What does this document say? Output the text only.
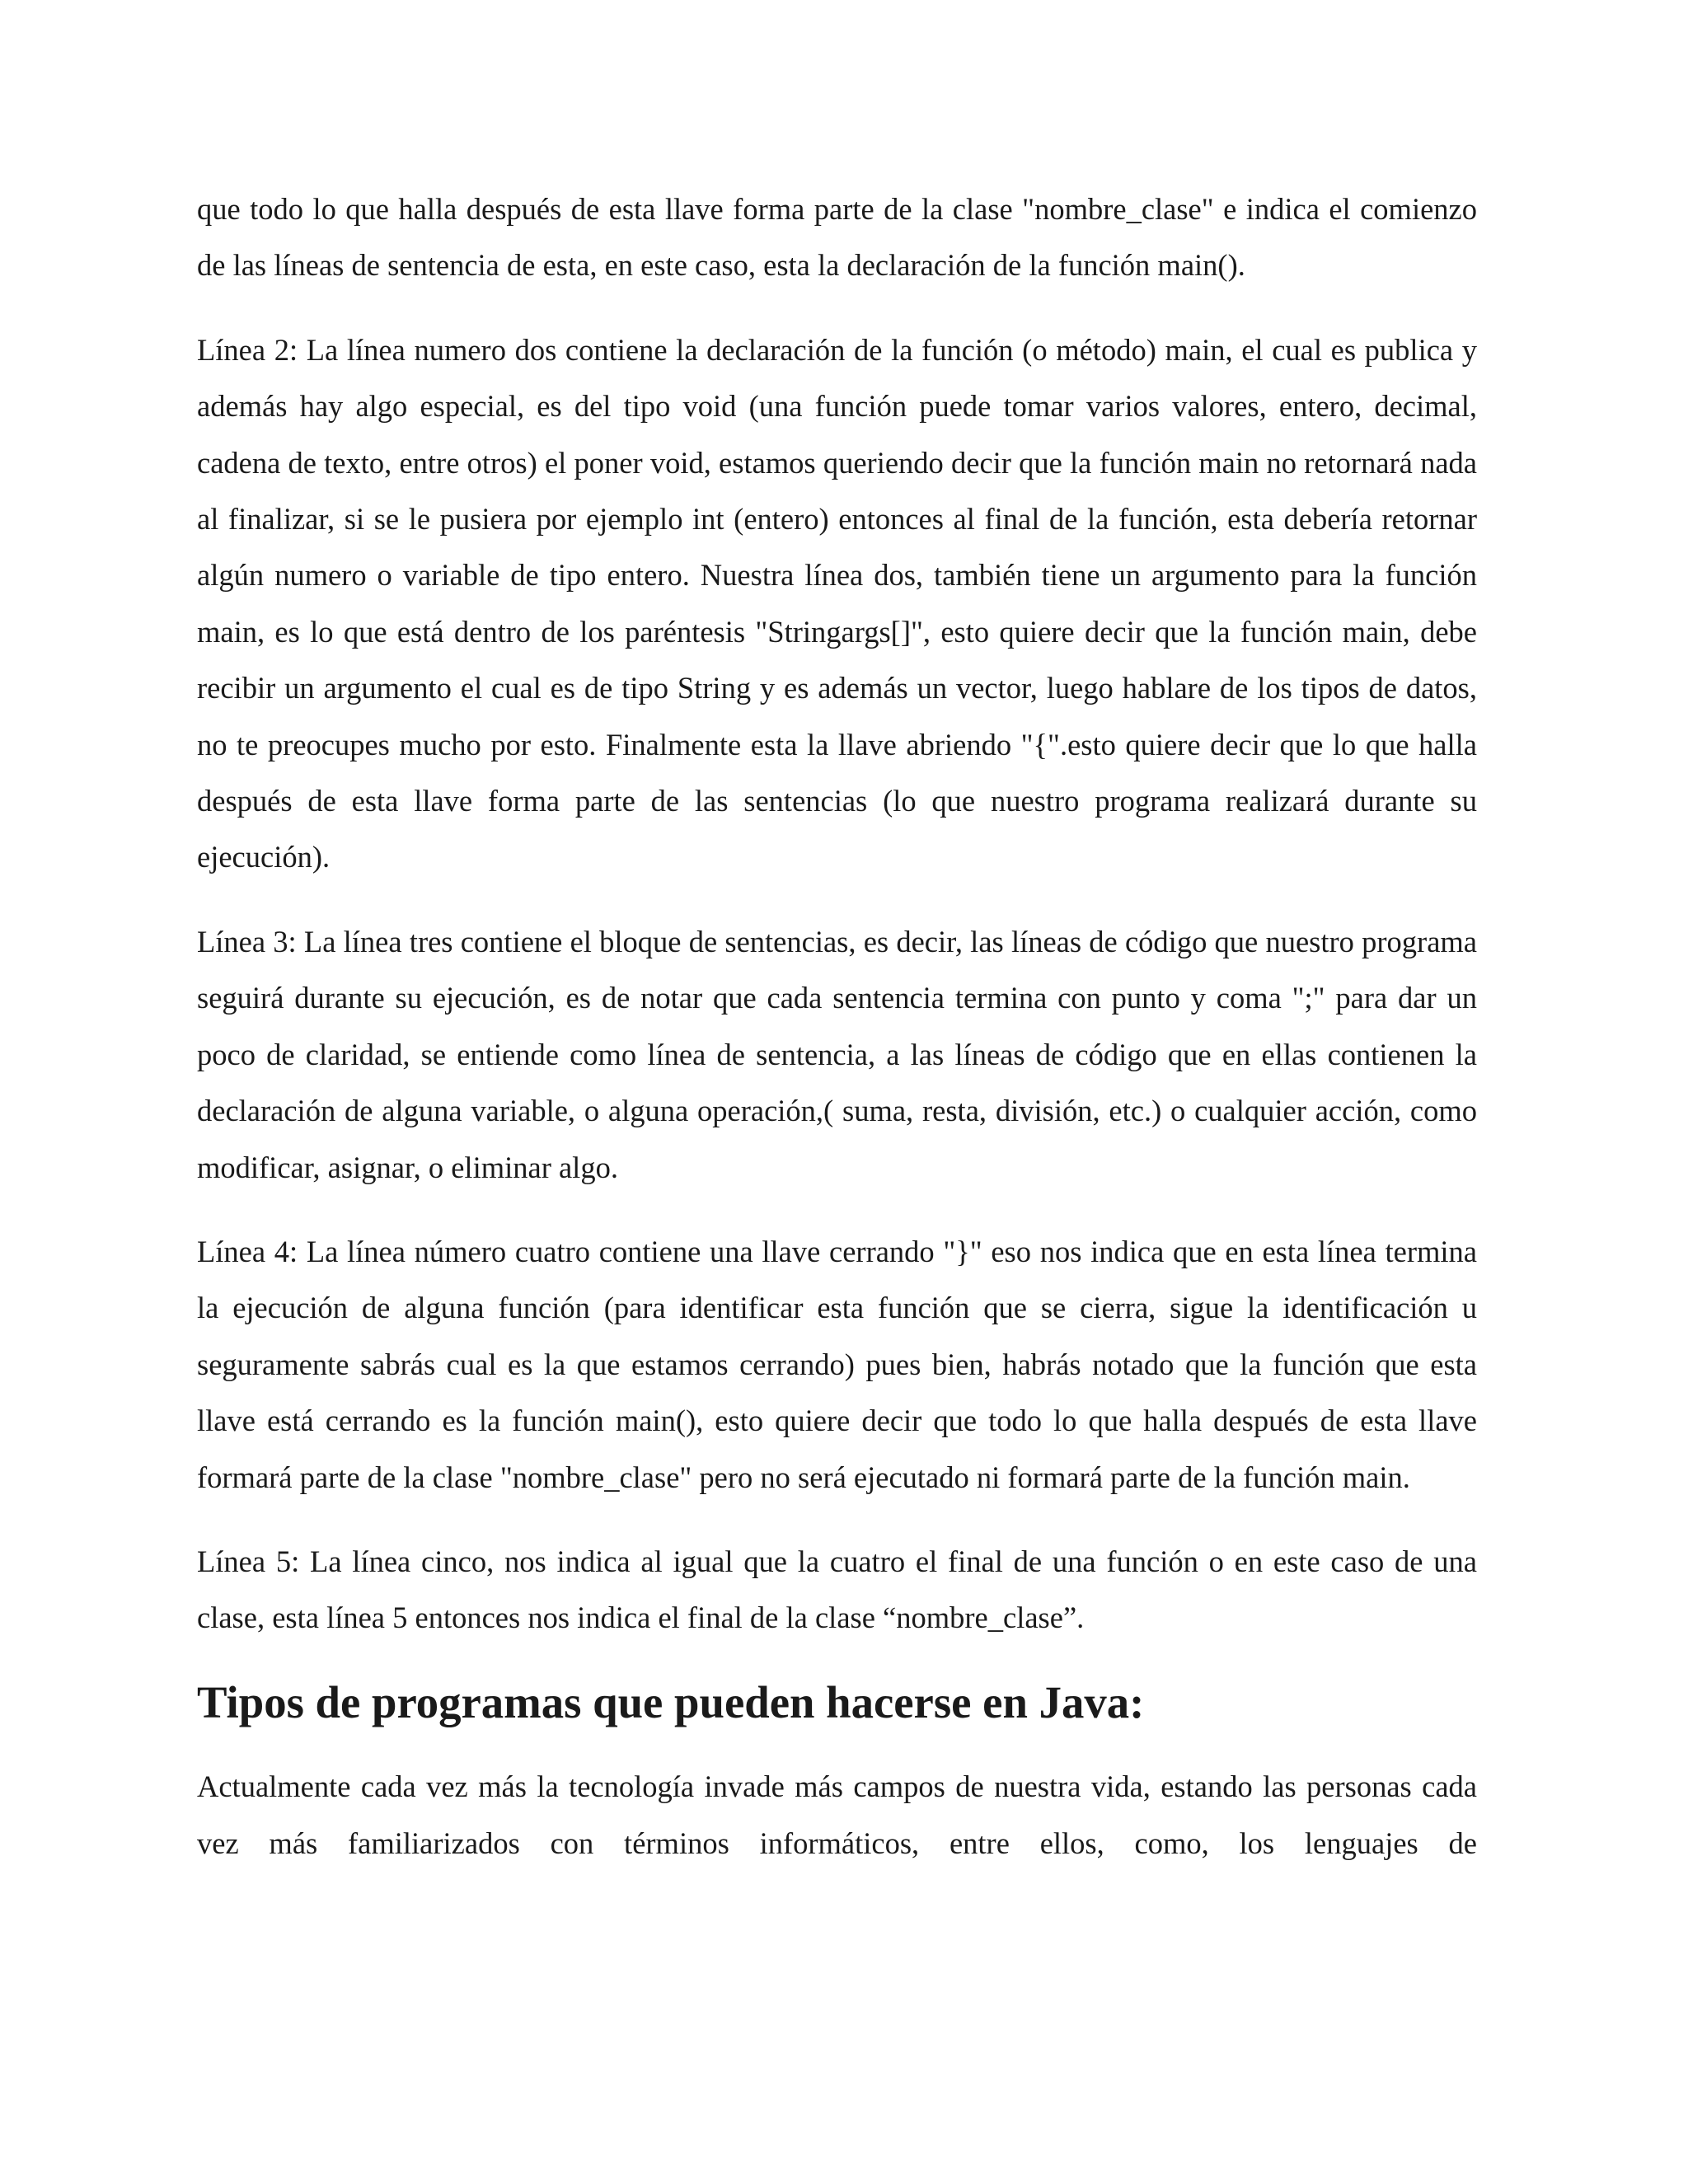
que todo lo que halla después de esta llave forma parte de la clase "nombre_clase" e indica el comienzo de las líneas de sentencia de esta, en este caso, esta la declaración de la función main().

Línea 2: La línea numero dos contiene la declaración de la función (o método) main, el cual es publica y además hay algo especial, es del tipo void (una función puede tomar varios valores, entero, decimal, cadena de texto, entre otros) el poner void, estamos queriendo decir que la función main no retornará nada al finalizar, si se le pusiera por ejemplo int (entero) entonces al final de la función, esta debería retornar algún numero o variable de tipo entero. Nuestra línea dos, también tiene un argumento para la función main, es lo que está dentro de los paréntesis "Stringargs[]", esto quiere decir que la función main, debe recibir un argumento el cual es de tipo String y es además un vector, luego hablare de los tipos de datos, no te preocupes mucho por esto. Finalmente esta la llave abriendo "{".esto quiere decir que lo que halla después de esta llave forma parte de las sentencias (lo que nuestro programa realizará durante su ejecución).

Línea 3: La línea tres contiene el bloque de sentencias, es decir, las líneas de código que nuestro programa seguirá durante su ejecución, es de notar que cada sentencia termina con punto y coma ";" para dar un poco de claridad, se entiende como línea de sentencia, a las líneas de código que en ellas contienen la declaración de alguna variable, o alguna operación,( suma, resta, división, etc.) o cualquier acción, como modificar, asignar, o eliminar algo.

Línea 4: La línea número cuatro contiene una llave cerrando "}" eso nos indica que en esta línea termina la ejecución de alguna función (para identificar esta función que se cierra, sigue la identificación u seguramente sabrás cual es la que estamos cerrando) pues bien, habrás notado que la función que esta llave está cerrando es la función main(), esto quiere decir que todo lo que halla después de esta llave formará parte de la clase "nombre_clase" pero no será ejecutado ni formará parte de la función main.

Línea 5: La línea cinco, nos indica al igual que la cuatro el final de una función o en este caso de una clase, esta línea 5 entonces nos indica el final de la clase “nombre_clase”.

Tipos de programas que pueden hacerse en Java:

Actualmente cada vez más la tecnología invade más campos de nuestra vida, estando las personas cada vez más familiarizados con términos informáticos, entre ellos, como, los lenguajes de
